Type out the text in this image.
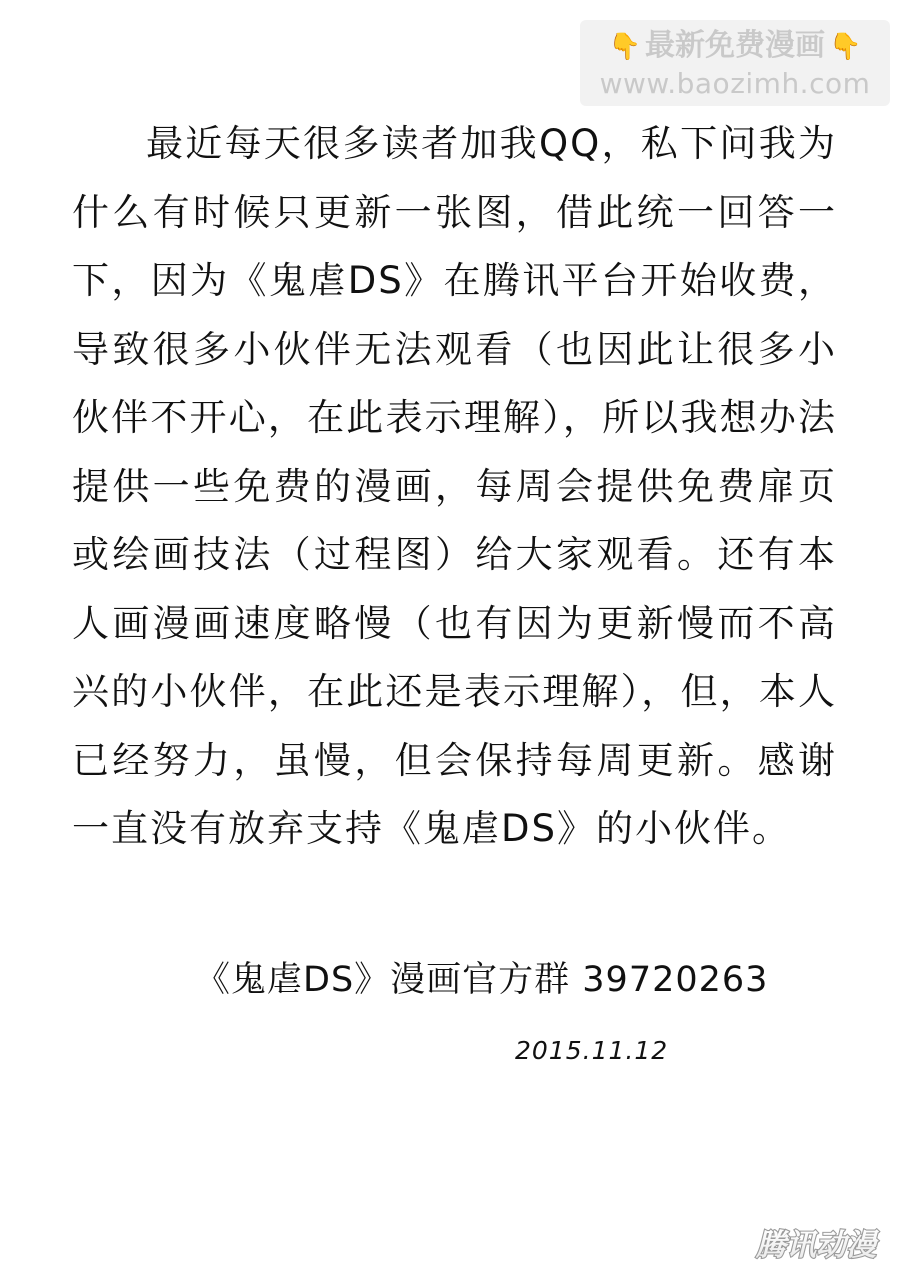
👇 最新免费漫画 👇
www.baozimh.com

最近每天很多读者加我QQ，私下问我为什么有时候只更新一张图，借此统一回答一下，因为《鬼虐DS》在腾讯平台开始收费，导致很多小伙伴无法观看（也因此让很多小伙伴不开心，在此表示理解），所以我想办法提供一些免费的漫画，每周会提供免费扉页或绘画技法（过程图）给大家观看。还有本人画漫画速度略慢（也有因为更新慢而不高兴的小伙伴，在此还是表示理解），但，本人已经努力，虽慢，但会保持每周更新。感谢一直没有放弃支持《鬼虐DS》的小伙伴。

《鬼虐DS》漫画官方群 39720263
2015.11.12
腾讯动漫
